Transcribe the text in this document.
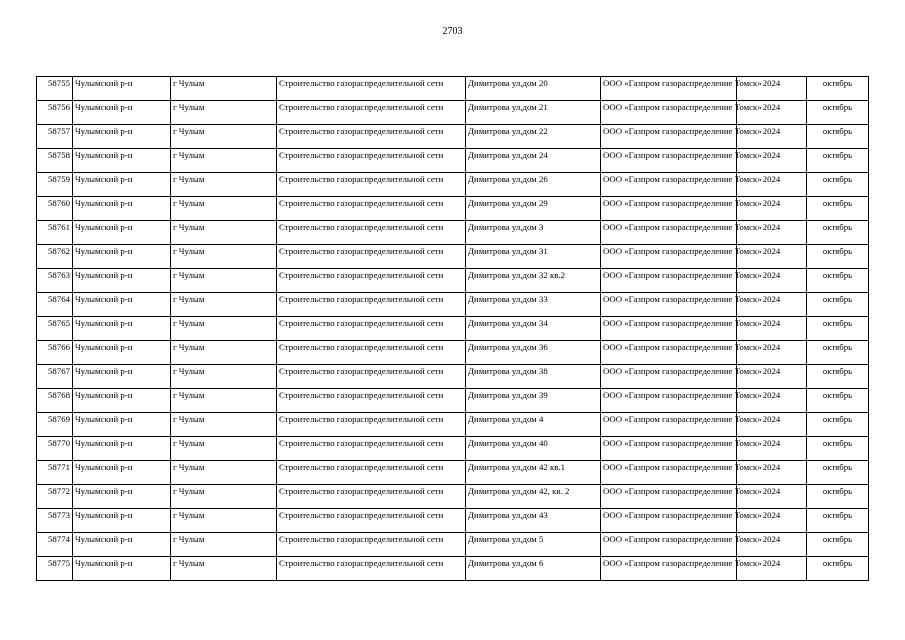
2703
58755	Чулымский р-н	г Чулым	Строительство газораспределительной сети	Димитрова ул,дом 20	ООО «Газпром газораспределение Томск»	2024	октябрь
58756	Чулымский р-н	г Чулым	Строительство газораспределительной сети	Димитрова ул,дом 21	ООО «Газпром газораспределение Томск»	2024	октябрь
58757	Чулымский р-н	г Чулым	Строительство газораспределительной сети	Димитрова ул,дом 22	ООО «Газпром газораспределение Томск»	2024	октябрь
58758	Чулымский р-н	г Чулым	Строительство газораспределительной сети	Димитрова ул,дом 24	ООО «Газпром газораспределение Томск»	2024	октябрь
58759	Чулымский р-н	г Чулым	Строительство газораспределительной сети	Димитрова ул,дом 26	ООО «Газпром газораспределение Томск»	2024	октябрь
58760	Чулымский р-н	г Чулым	Строительство газораспределительной сети	Димитрова ул,дом 29	ООО «Газпром газораспределение Томск»	2024	октябрь
58761	Чулымский р-н	г Чулым	Строительство газораспределительной сети	Димитрова ул,дом 3	ООО «Газпром газораспределение Томск»	2024	октябрь
58762	Чулымский р-н	г Чулым	Строительство газораспределительной сети	Димитрова ул,дом 31	ООО «Газпром газораспределение Томск»	2024	октябрь
58763	Чулымский р-н	г Чулым	Строительство газораспределительной сети	Димитрова ул,дом 32 кв.2	ООО «Газпром газораспределение Томск»	2024	октябрь
58764	Чулымский р-н	г Чулым	Строительство газораспределительной сети	Димитрова ул,дом 33	ООО «Газпром газораспределение Томск»	2024	октябрь
58765	Чулымский р-н	г Чулым	Строительство газораспределительной сети	Димитрова ул,дом 34	ООО «Газпром газораспределение Томск»	2024	октябрь
58766	Чулымский р-н	г Чулым	Строительство газораспределительной сети	Димитрова ул,дом 36	ООО «Газпром газораспределение Томск»	2024	октябрь
58767	Чулымский р-н	г Чулым	Строительство газораспределительной сети	Димитрова ул,дом 38	ООО «Газпром газораспределение Томск»	2024	октябрь
58768	Чулымский р-н	г Чулым	Строительство газораспределительной сети	Димитрова ул,дом 39	ООО «Газпром газораспределение Томск»	2024	октябрь
58769	Чулымский р-н	г Чулым	Строительство газораспределительной сети	Димитрова ул,дом 4	ООО «Газпром газораспределение Томск»	2024	октябрь
58770	Чулымский р-н	г Чулым	Строительство газораспределительной сети	Димитрова ул,дом 40	ООО «Газпром газораспределение Томск»	2024	октябрь
58771	Чулымский р-н	г Чулым	Строительство газораспределительной сети	Димитрова ул,дом 42 кв.1	ООО «Газпром газораспределение Томск»	2024	октябрь
58772	Чулымский р-н	г Чулым	Строительство газораспределительной сети	Димитрова ул,дом 42, кв. 2	ООО «Газпром газораспределение Томск»	2024	октябрь
58773	Чулымский р-н	г Чулым	Строительство газораспределительной сети	Димитрова ул,дом 43	ООО «Газпром газораспределение Томск»	2024	октябрь
58774	Чулымский р-н	г Чулым	Строительство газораспределительной сети	Димитрова ул,дом 5	ООО «Газпром газораспределение Томск»	2024	октябрь
58775	Чулымский р-н	г Чулым	Строительство газораспределительной сети	Димитрова ул,дом 6	ООО «Газпром газораспределение Томск»	2024	октябрь
